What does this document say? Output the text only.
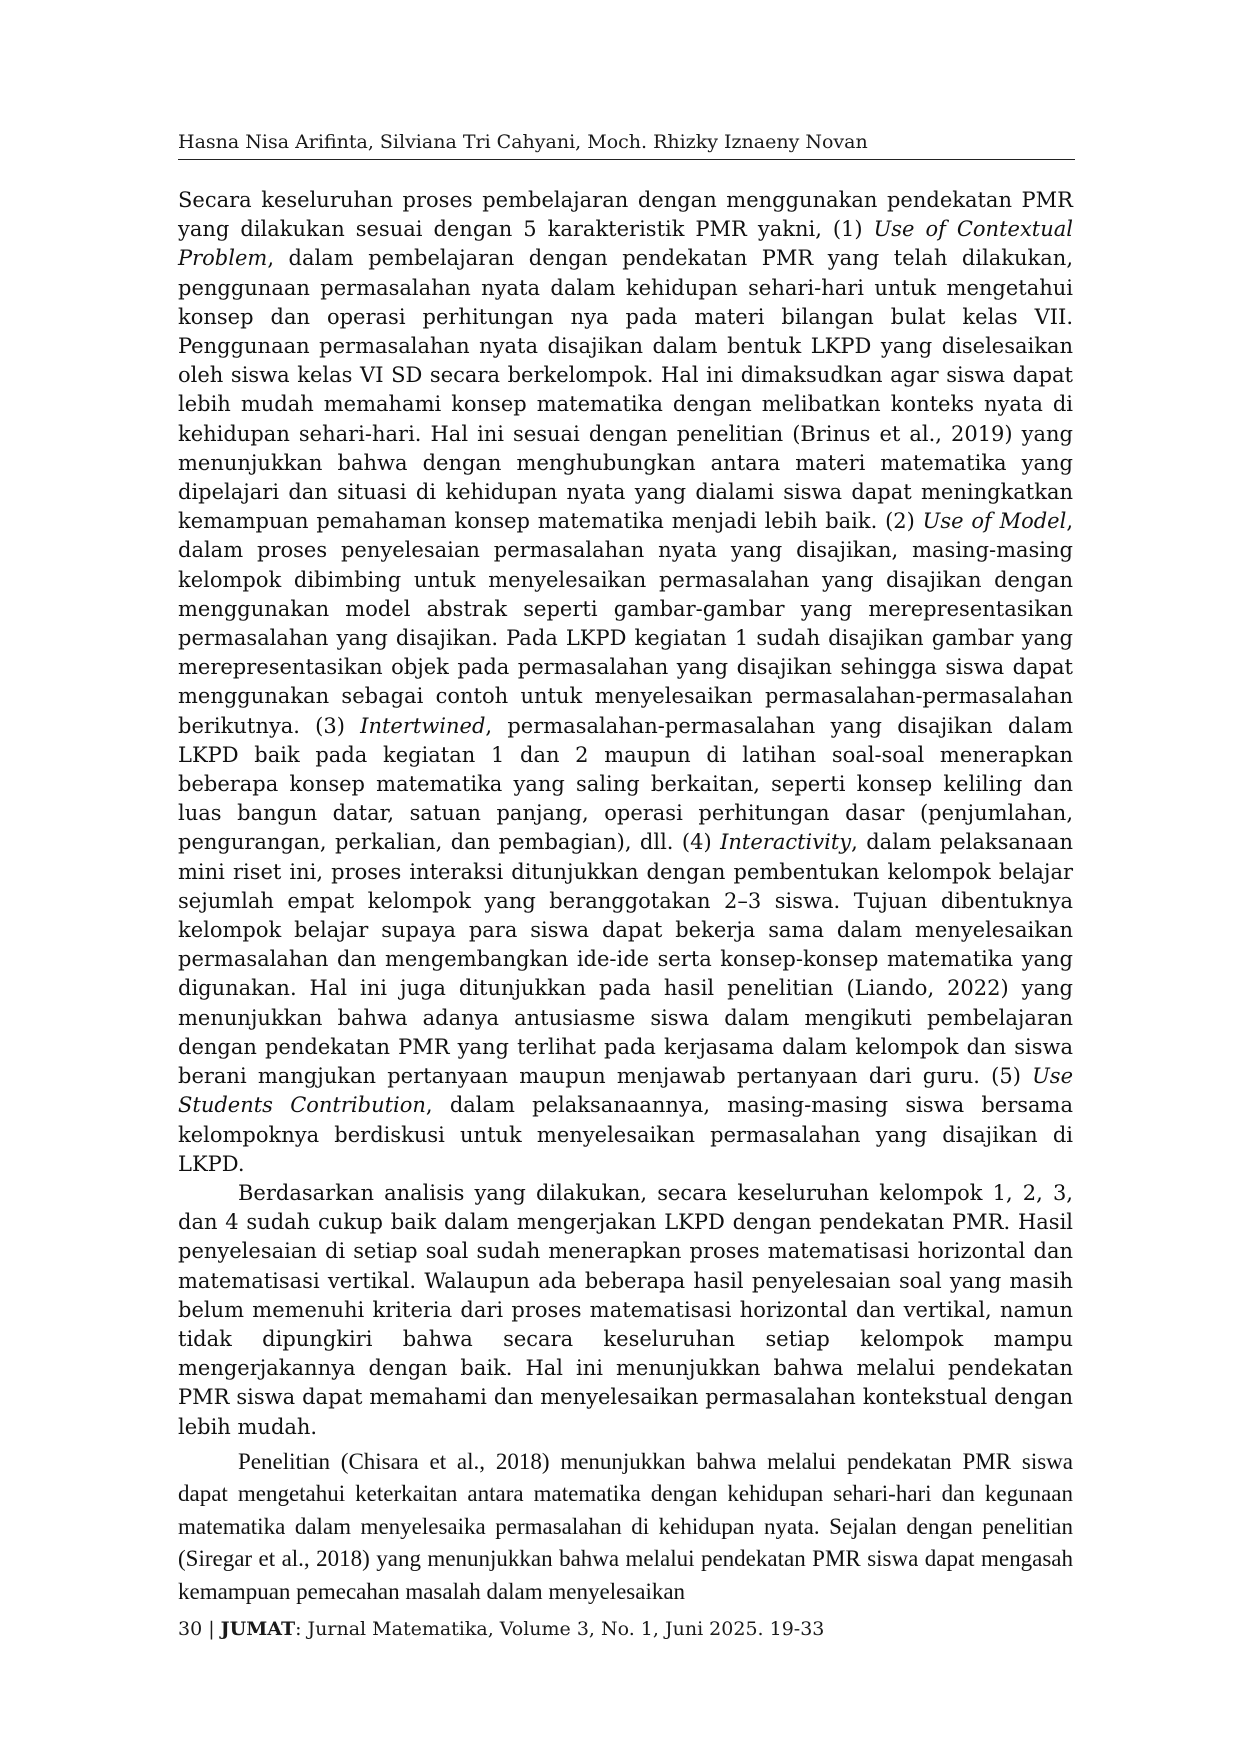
Hasna Nisa Arifinta, Silviana Tri Cahyani, Moch. Rhizky Iznaeny Novan

Secara keseluruhan proses pembelajaran dengan menggunakan pendekatan PMR yang dilakukan sesuai dengan 5 karakteristik PMR yakni, (1) Use of Contextual Problem, dalam pembelajaran dengan pendekatan PMR yang telah dilakukan, penggunaan permasalahan nyata dalam kehidupan sehari-hari untuk mengetahui konsep dan operasi perhitungan nya pada materi bilangan bulat kelas VII. Penggunaan permasalahan nyata disajikan dalam bentuk LKPD yang diselesaikan oleh siswa kelas VI SD secara berkelompok. Hal ini dimaksudkan agar siswa dapat lebih mudah memahami konsep matematika dengan melibatkan konteks nyata di kehidupan sehari-hari. Hal ini sesuai dengan penelitian (Brinus et al., 2019) yang menunjukkan bahwa dengan menghubungkan antara materi matematika yang dipelajari dan situasi di kehidupan nyata yang dialami siswa dapat meningkatkan kemampuan pemahaman konsep matematika menjadi lebih baik. (2) Use of Model, dalam proses penyelesaian permasalahan nyata yang disajikan, masing-masing kelompok dibimbing untuk menyelesaikan permasalahan yang disajikan dengan menggunakan model abstrak seperti gambar-gambar yang merepresentasikan permasalahan yang disajikan. Pada LKPD kegiatan 1 sudah disajikan gambar yang merepresentasikan objek pada permasalahan yang disajikan sehingga siswa dapat menggunakan sebagai contoh untuk menyelesaikan permasalahan-permasalahan berikutnya. (3) Intertwined, permasalahan-permasalahan yang disajikan dalam LKPD baik pada kegiatan 1 dan 2 maupun di latihan soal-soal menerapkan beberapa konsep matematika yang saling berkaitan, seperti konsep keliling dan luas bangun datar, satuan panjang, operasi perhitungan dasar (penjumlahan, pengurangan, perkalian, dan pembagian), dll. (4) Interactivity, dalam pelaksanaan mini riset ini, proses interaksi ditunjukkan dengan pembentukan kelompok belajar sejumlah empat kelompok yang beranggotakan 2–3 siswa. Tujuan dibentuknya kelompok belajar supaya para siswa dapat bekerja sama dalam menyelesaikan permasalahan dan mengembangkan ide-ide serta konsep-konsep matematika yang digunakan. Hal ini juga ditunjukkan pada hasil penelitian (Liando, 2022) yang menunjukkan bahwa adanya antusiasme siswa dalam mengikuti pembelajaran dengan pendekatan PMR yang terlihat pada kerjasama dalam kelompok dan siswa berani mangjukan pertanyaan maupun menjawab pertanyaan dari guru. (5) Use Students Contribution, dalam pelaksanaannya, masing-masing siswa bersama kelompoknya berdiskusi untuk menyelesaikan permasalahan yang disajikan di LKPD.

Berdasarkan analisis yang dilakukan, secara keseluruhan kelompok 1, 2, 3, dan 4 sudah cukup baik dalam mengerjakan LKPD dengan pendekatan PMR. Hasil penyelesaian di setiap soal sudah menerapkan proses matematisasi horizontal dan matematisasi vertikal. Walaupun ada beberapa hasil penyelesaian soal yang masih belum memenuhi kriteria dari proses matematisasi horizontal dan vertikal, namun tidak dipungkiri bahwa secara keseluruhan setiap kelompok mampu mengerjakannya dengan baik. Hal ini menunjukkan bahwa melalui pendekatan PMR siswa dapat memahami dan menyelesaikan permasalahan kontekstual dengan lebih mudah.

Penelitian (Chisara et al., 2018) menunjukkan bahwa melalui pendekatan PMR siswa dapat mengetahui keterkaitan antara matematika dengan kehidupan sehari-hari dan kegunaan matematika dalam menyelesaika permasalahan di kehidupan nyata. Sejalan dengan penelitian (Siregar et al., 2018) yang menunjukkan bahwa melalui pendekatan PMR siswa dapat mengasah kemampuan pemecahan masalah dalam menyelesaikan

30 | JUMAT: Jurnal Matematika, Volume 3, No. 1, Juni 2025. 19-33
